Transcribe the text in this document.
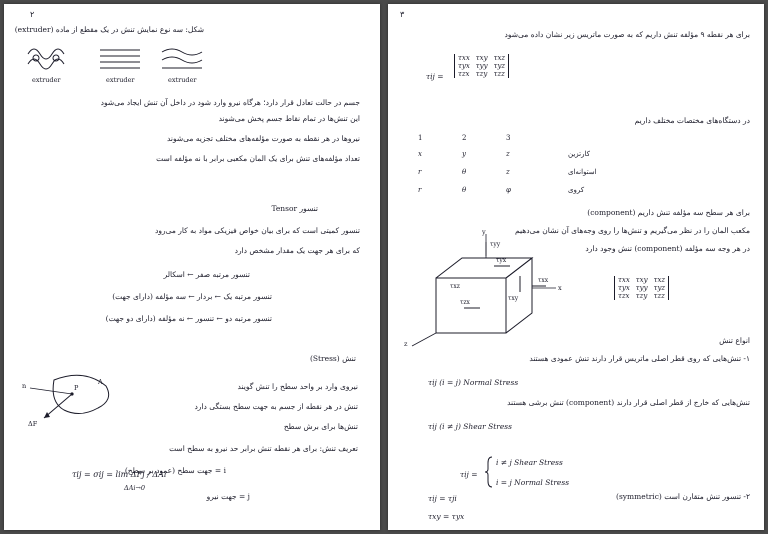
۲
شکل: سه نوع نمایش تنش در یک مقطع از ماده (extruder)
extruder	extruder	extruder
جسم در حالت تعادل قرار دارد؛ هرگاه نیرو وارد شود در داخل آن تنش ایجاد می‌شود
این تنش‌ها در تمام نقاط جسم پخش می‌شوند
نیروها در هر نقطه به صورت مؤلفه‌های مختلف تجزیه می‌شوند
تعداد مؤلفه‌های تنش برای یک المان مکعبی برابر با نه مؤلفه است
تنسور Tensor
تنسور کمیتی است که برای بیان خواص فیزیکی مواد به کار می‌رود
که برای هر جهت یک مقدار مشخص دارد
تنسور مرتبه صفر ← اسکالر
تنسور مرتبه یک ← بردار ← سه مؤلفه (دارای جهت)
تنسور مرتبه دو ← تنسور ← نه مؤلفه (دارای دو جهت)
تنش (Stress)
P
A
n
ΔF
نیروی وارد بر واحد سطح را تنش گویند
تنش در هر نقطه از جسم به جهت سطح بستگی دارد
تنش‌ها برای برش سطح
تعریف تنش: برای هر نقطه تنش برابر حد نیرو به سطح است
τij = σij = lim ΔFj / ΔAi
ΔAi→0
i = جهت سطح (عمود بر سطح)
j = جهت نیرو
۳
برای هر نقطه ۹ مؤلفه تنش داریم که به صورت ماتریس زیر نشان داده می‌شود
τij =
τxx	τxy	τxz
τyx	τyy	τyz
τzx	τzy	τzz
در دستگاه‌های مختصات مختلف داریم
1	2	3
x	y	z	کارتزین
r	θ	z	استوانه‌ای
r	θ	φ	کروی
برای هر سطح سه مؤلفه تنش داریم (component)
مکعب المان را در نظر می‌گیریم و تنش‌ها را روی وجه‌های آن نشان می‌دهیم
در هر وجه سه مؤلفه (component) تنش وجود دارد
y
x
z
τyy
τxx
τyx
τxy
τzx
τxz
τxx	τxy	τxz
τyx	τyy	τyz
τzx	τzy	τzz
انواع تنش
۱- تنش‌هایی که روی قطر اصلی ماتریس قرار دارند تنش عمودی هستند
τij (i = j) Normal Stress
تنش‌هایی که خارج از قطر اصلی قرار دارند (component) تنش برشی هستند
τij (i ≠ j) Shear Stress
τij =
i ≠ j Shear Stress
i = j Normal Stress
۲- تنسور تنش متقارن است (symmetric)
τij = τji
τxy = τyx
